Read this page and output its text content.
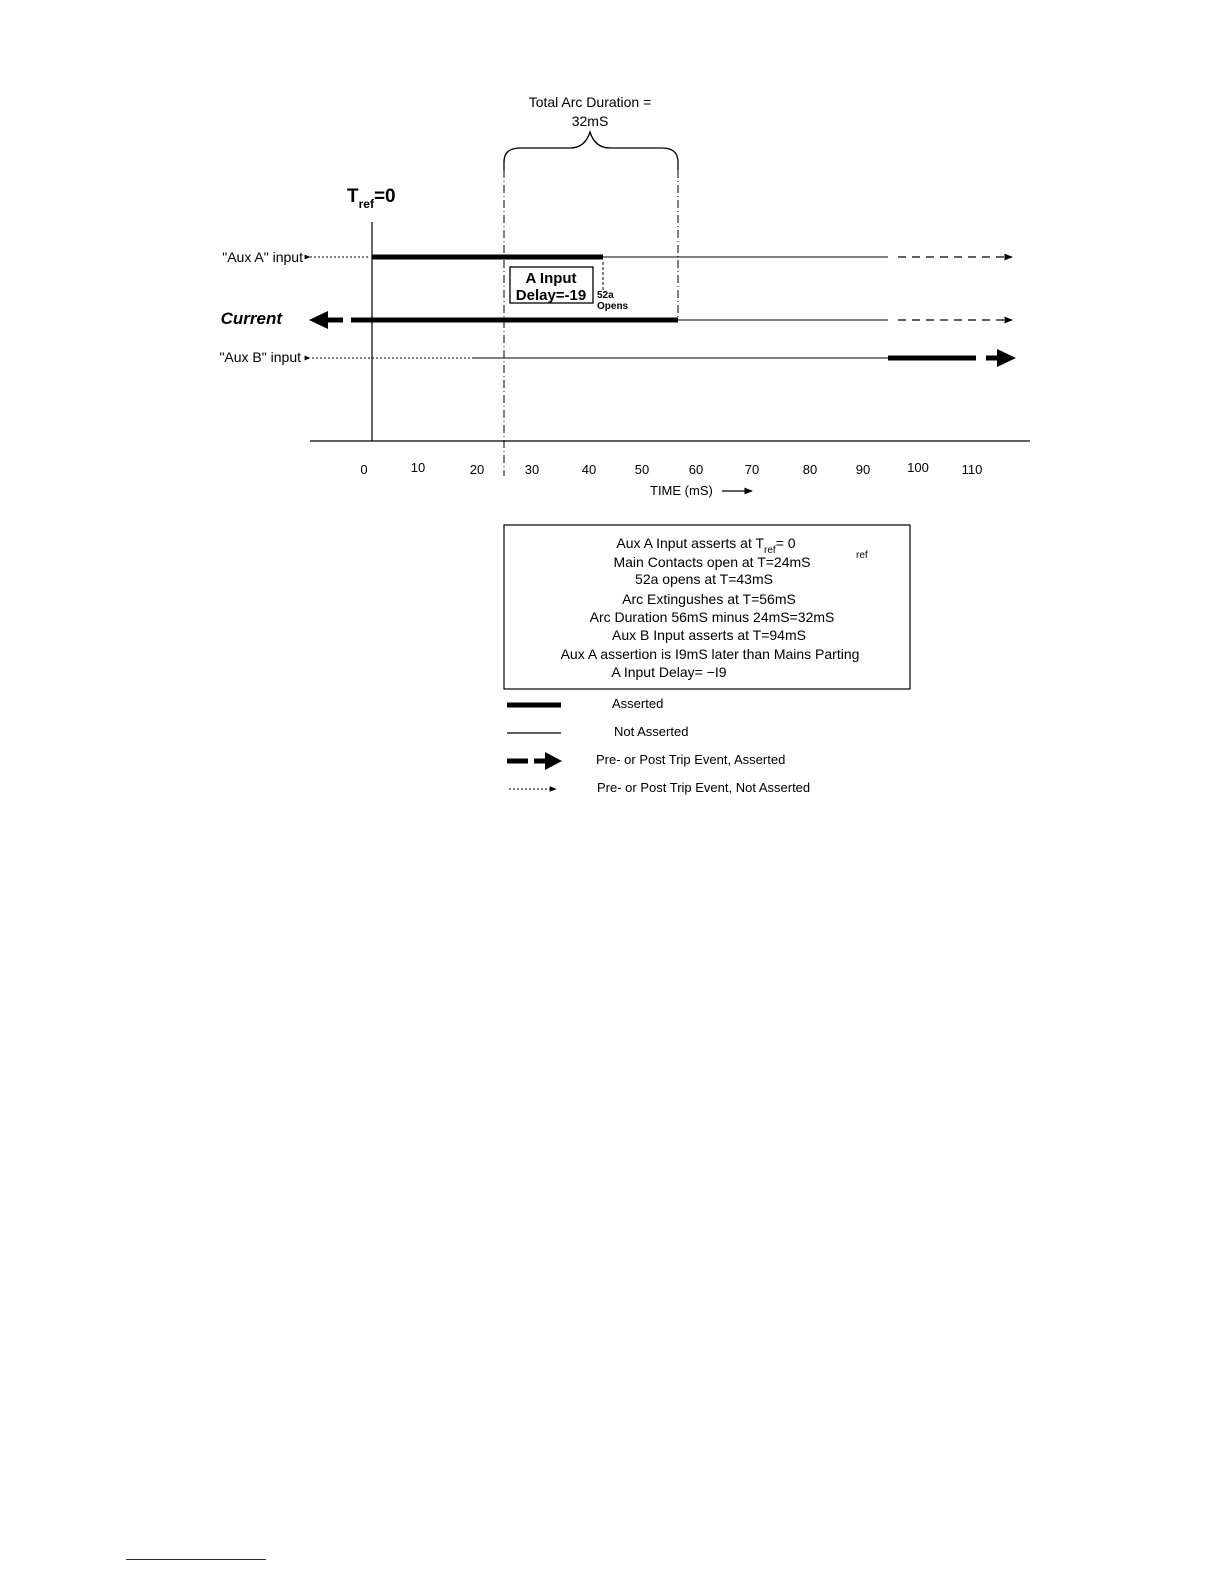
Total Arc Duration =
32mS
$T_{ref}=0$
"Aux A" input
A Input
Delay=-19 52a
Opens
Current
"Aux B" input
0	10	20	30	40	50	60	70	80	90	100	110
TIME (mS)
Aux A Input asserts at $T_{ref}= 0$
ref
Main Contacts open at T=24mS
52a opens at T=43mS
Arc Extingushes at T=56mS
Arc Duration 56mS minus 24mS=32mS
Aux B Input asserts at T=94mS
Aux A assertion is I9mS later than Mains Parting
A Input Delay= −I9
Asserted
Not Asserted
Pre- or Post Trip Event, Asserted
Pre- or Post Trip Event, Not Asserted
